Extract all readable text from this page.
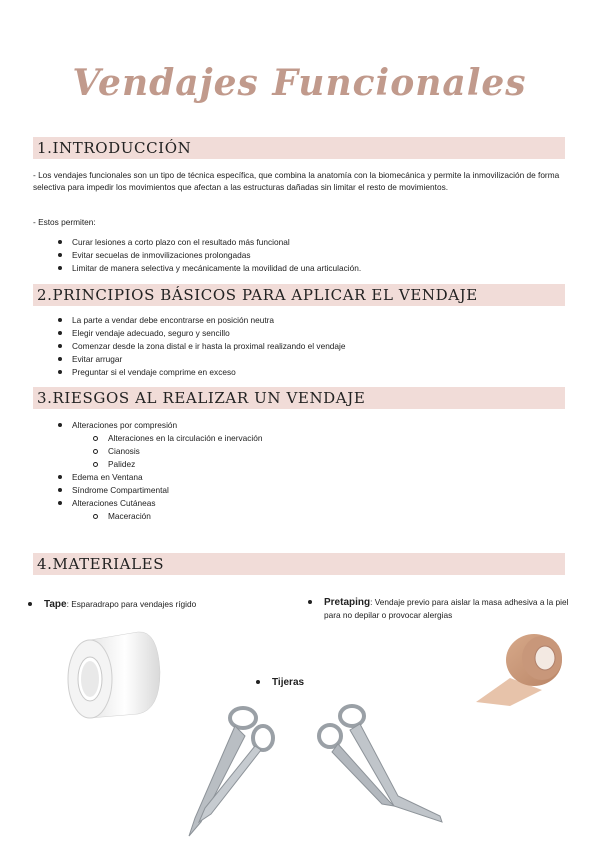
Vendajes Funcionales
1.INTRODUCCIÓN

- Los vendajes funcionales son un tipo de técnica específica, que combina la anatomía con la biomecánica y permite la inmovilización de forma selectiva para impedir los movimientos que afectan a las estructuras dañadas sin limitar el resto de movimientos.

- Estos permiten:

Curar lesiones a corto plazo con el resultado más funcional
Evitar secuelas de inmovilizaciones prolongadas
Limitar de manera selectiva y mecánicamente la movilidad de una articulación.
2.PRINCIPIOS BÁSICOS PARA APLICAR EL VENDAJE
La parte a vendar debe encontrarse en posición neutra
Elegir vendaje adecuado, seguro y sencillo
Comenzar desde la zona distal e ir hasta la proximal realizando el vendaje
Evitar arrugar
Preguntar si el vendaje comprime en exceso
3.RIESGOS AL REALIZAR UN VENDAJE
Alteraciones por compresión
Alteraciones en la circulación e inervación
Cianosis
Palidez
Edema en Ventana
Síndrome Compartimental
Alteraciones Cutáneas
Maceración
4.MATERIALES
Tape: Esparadrapo para vendajes rígido	Pretaping: Vendaje previo para aislar la masa adhesiva a la piel para no depilar o provocar alergias
Tijeras
